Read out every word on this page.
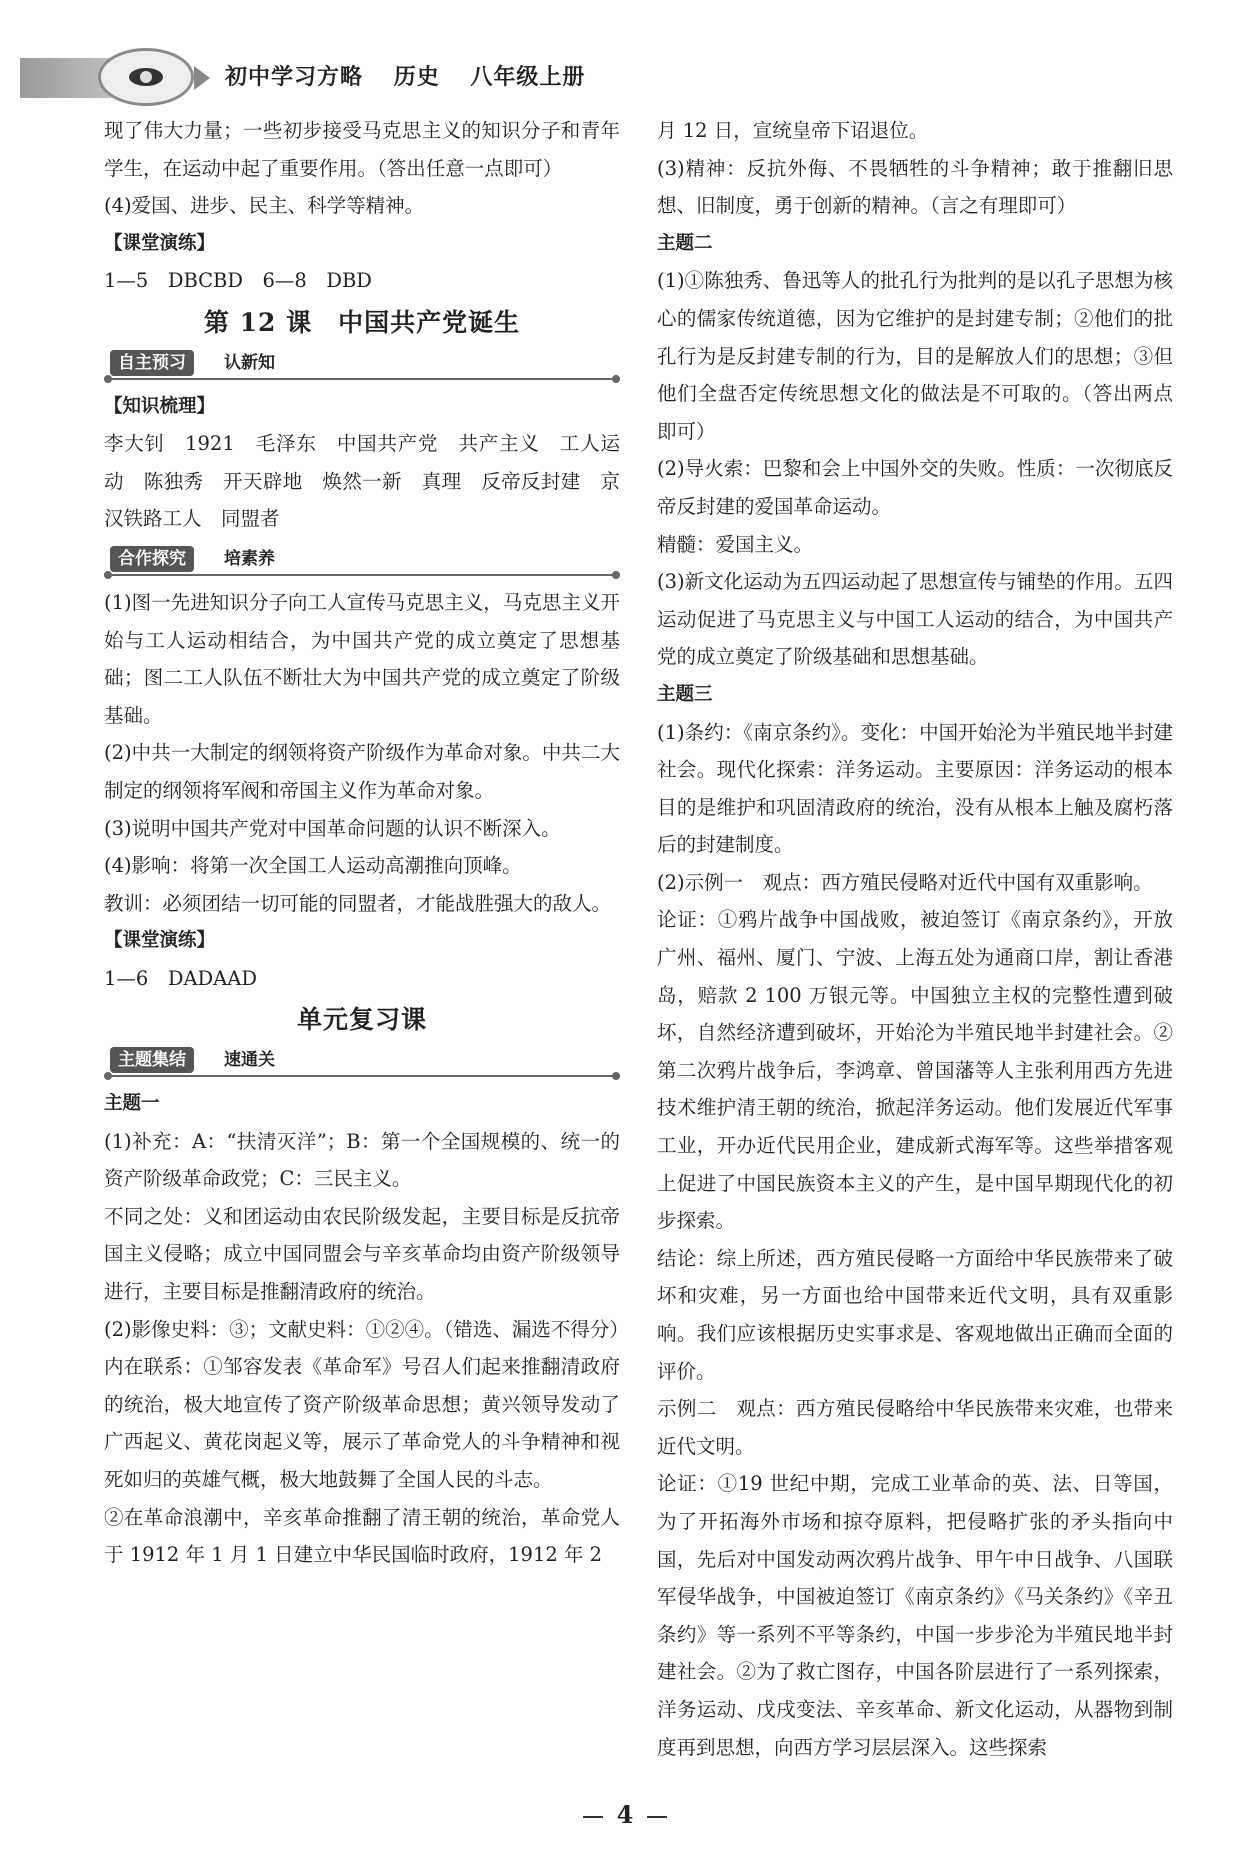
初中学习方略 历史 八年级上册

现了伟大力量；一些初步接受马克思主义的知识分子和青年学生，在运动中起了重要作用。（答出任意一点即可）

(4)爱国、进步、民主、科学等精神。

【课堂演练】

1—5　DBCBD　6—8　DBD

第 12 课　中国共产党诞生
自主预习	认新知

【知识梳理】

李大钊　1921　毛泽东　中国共产党　共产主义　工人运动　陈独秀　开天辟地　焕然一新　真理　反帝反封建　京汉铁路工人　同盟者

合作探究	培素养

(1)图一先进知识分子向工人宣传马克思主义，马克思主义开始与工人运动相结合，为中国共产党的成立奠定了思想基础；图二工人队伍不断壮大为中国共产党的成立奠定了阶级基础。

(2)中共一大制定的纲领将资产阶级作为革命对象。中共二大制定的纲领将军阀和帝国主义作为革命对象。

(3)说明中国共产党对中国革命问题的认识不断深入。

(4)影响：将第一次全国工人运动高潮推向顶峰。

教训：必须团结一切可能的同盟者，才能战胜强大的敌人。

【课堂演练】

1—6　DADAAD

单元复习课
主题集结	速通关

主题一

(1)补充：A：“扶清灭洋”；B：第一个全国规模的、统一的资产阶级革命政党；C：三民主义。

不同之处：义和团运动由农民阶级发起，主要目标是反抗帝国主义侵略；成立中国同盟会与辛亥革命均由资产阶级领导进行，主要目标是推翻清政府的统治。

(2)影像史料：③；文献史料：①②④。（错选、漏选不得分）

内在联系：①邹容发表《革命军》号召人们起来推翻清政府的统治，极大地宣传了资产阶级革命思想；黄兴领导发动了广西起义、黄花岗起义等，展示了革命党人的斗争精神和视死如归的英雄气概，极大地鼓舞了全国人民的斗志。

②在革命浪潮中，辛亥革命推翻了清王朝的统治，革命党人于 1912 年 1 月 1 日建立中华民国临时政府，1912 年 2

月 12 日，宣统皇帝下诏退位。

(3)精神：反抗外侮、不畏牺牲的斗争精神；敢于推翻旧思想、旧制度，勇于创新的精神。（言之有理即可）

主题二

(1)①陈独秀、鲁迅等人的批孔行为批判的是以孔子思想为核心的儒家传统道德，因为它维护的是封建专制；②他们的批孔行为是反封建专制的行为，目的是解放人们的思想；③但他们全盘否定传统思想文化的做法是不可取的。（答出两点即可）

(2)导火索：巴黎和会上中国外交的失败。性质：一次彻底反帝反封建的爱国革命运动。

精髓：爱国主义。

(3)新文化运动为五四运动起了思想宣传与铺垫的作用。五四运动促进了马克思主义与中国工人运动的结合，为中国共产党的成立奠定了阶级基础和思想基础。

主题三

(1)条约：《南京条约》。变化：中国开始沦为半殖民地半封建社会。现代化探索：洋务运动。主要原因：洋务运动的根本目的是维护和巩固清政府的统治，没有从根本上触及腐朽落后的封建制度。

(2)示例一　观点：西方殖民侵略对近代中国有双重影响。

论证：①鸦片战争中国战败，被迫签订《南京条约》，开放广州、福州、厦门、宁波、上海五处为通商口岸，割让香港岛，赔款 2 100 万银元等。中国独立主权的完整性遭到破坏，自然经济遭到破坏，开始沦为半殖民地半封建社会。②第二次鸦片战争后，李鸿章、曾国藩等人主张利用西方先进技术维护清王朝的统治，掀起洋务运动。他们发展近代军事工业，开办近代民用企业，建成新式海军等。这些举措客观上促进了中国民族资本主义的产生，是中国早期现代化的初步探索。

结论：综上所述，西方殖民侵略一方面给中华民族带来了破坏和灾难，另一方面也给中国带来近代文明，具有双重影响。我们应该根据历史实事求是、客观地做出正确而全面的评价。

示例二　观点：西方殖民侵略给中华民族带来灾难，也带来近代文明。

论证：①19 世纪中期，完成工业革命的英、法、日等国，为了开拓海外市场和掠夺原料，把侵略扩张的矛头指向中国，先后对中国发动两次鸦片战争、甲午中日战争、八国联军侵华战争，中国被迫签订《南京条约》《马关条约》《辛丑条约》等一系列不平等条约，中国一步步沦为半殖民地半封建社会。②为了救亡图存，中国各阶层进行了一系列探索，洋务运动、戊戌变法、辛亥革命、新文化运动，从器物到制度再到思想，向西方学习层层深入。这些探索

4
